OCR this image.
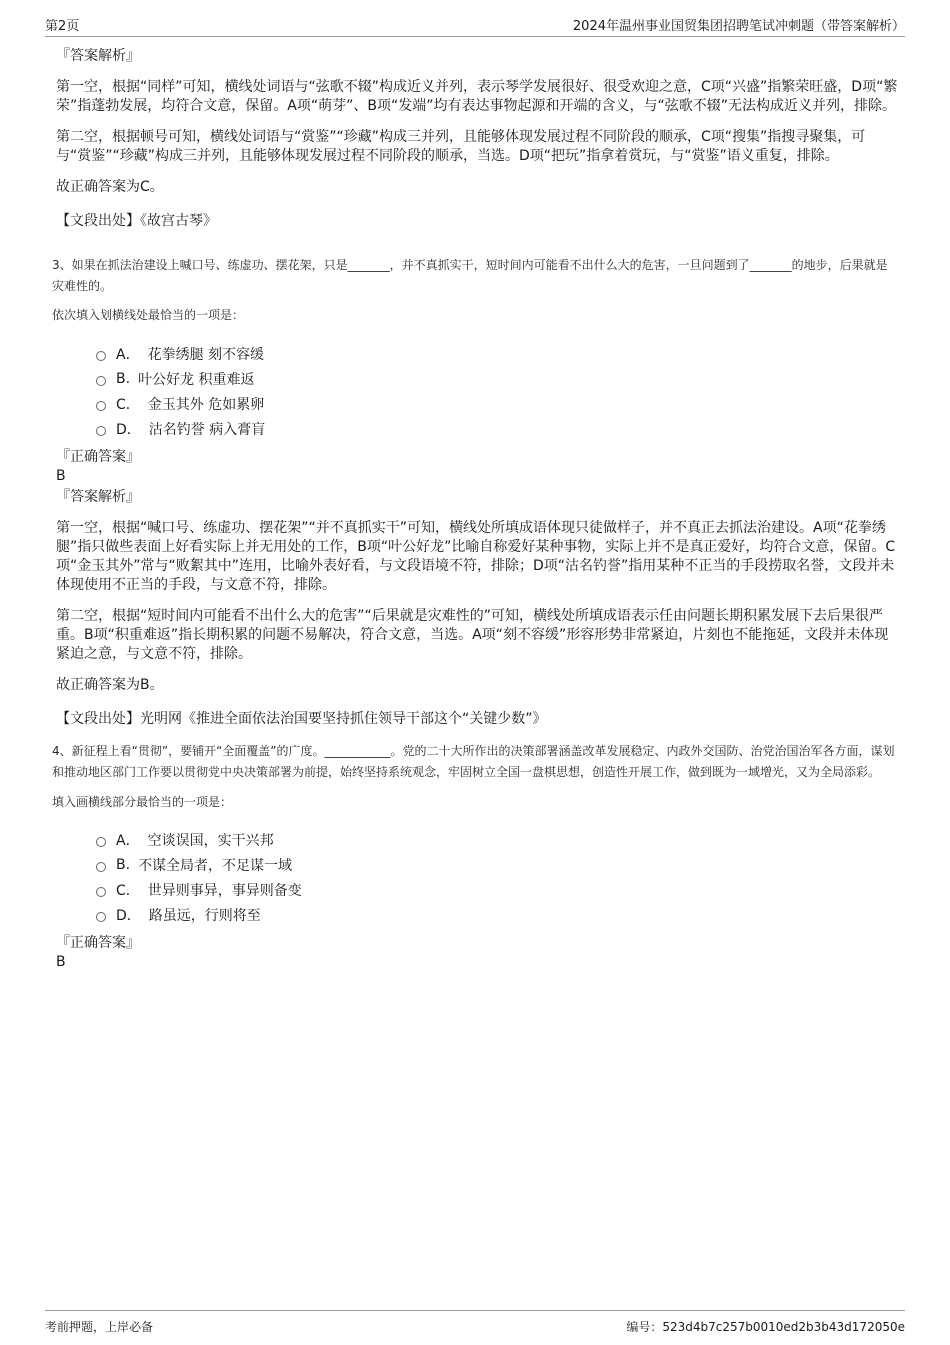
第2页	2024年温州事业国贸集团招聘笔试冲刺题（带答案解析）

『答案解析』

第一空，根据“同样”可知，横线处词语与“弦歌不辍”构成近义并列，表示琴学发展很好、很受欢迎之意，C项“兴盛”指繁荣旺盛，D项“繁荣”指蓬勃发展，均符合文意，保留。A项“萌芽”、B项“发端”均有表达事物起源和开端的含义，与“弦歌不辍”无法构成近义并列，排除。

第二空，根据顿号可知，横线处词语与“赏鉴”“珍藏”构成三并列，且能够体现发展过程不同阶段的顺承，C项“搜集”指搜寻聚集，可与“赏鉴”“珍藏”构成三并列，且能够体现发展过程不同阶段的顺承，当选。D项“把玩”指拿着赏玩，与“赏鉴”语义重复，排除。

故正确答案为C。

【文段出处】《故宫古琴》

3、如果在抓法治建设上喊口号、练虚功、摆花架，只是_______，并不真抓实干，短时间内可能看不出什么大的危害，一旦问题到了_______的地步，后果就是灾难性的。

依次填入划横线处最恰当的一项是：

A． 花拳绣腿 刻不容缓
B. 叶公好龙 积重难返
C． 金玉其外 危如累卵
D． 沽名钓誉 病入膏肓

『正确答案』

B

『答案解析』

第一空，根据“喊口号、练虚功、摆花架”“并不真抓实干”可知，横线处所填成语体现只徒做样子，并不真正去抓法治建设。A项“花拳绣腿”指只做些表面上好看实际上并无用处的工作，B项“叶公好龙”比喻自称爱好某种事物，实际上并不是真正爱好，均符合文意，保留。C项“金玉其外”常与“败絮其中”连用，比喻外表好看，与文段语境不符，排除；D项“沽名钓誉”指用某种不正当的手段捞取名誉，文段并未体现使用不正当的手段，与文意不符，排除。

第二空，根据“短时间内可能看不出什么大的危害”“后果就是灾难性的”可知，横线处所填成语表示任由问题长期积累发展下去后果很严重。B项“积重难返”指长期积累的问题不易解决，符合文意，当选。A项“刻不容缓”形容形势非常紧迫，片刻也不能拖延，文段并未体现紧迫之意，与文意不符，排除。

故正确答案为B。

【文段出处】光明网《推进全面依法治国要坚持抓住领导干部这个“关键少数”》

4、新征程上看“贯彻”，要铺开“全面覆盖”的广度。___________。党的二十大所作出的决策部署涵盖改革发展稳定、内政外交国防、治党治国治军各方面，谋划和推动地区部门工作要以贯彻党中央决策部署为前提，始终坚持系统观念，牢固树立全国一盘棋思想，创造性开展工作，做到既为一域增光，又为全局添彩。

填入画横线部分最恰当的一项是：

A． 空谈误国，实干兴邦
B. 不谋全局者，不足谋一域
C． 世异则事异，事异则备变
D． 路虽远，行则将至

『正确答案』

B

考前押题，上岸必备	编号：523d4b7c257b0010ed2b3b43d172050e
